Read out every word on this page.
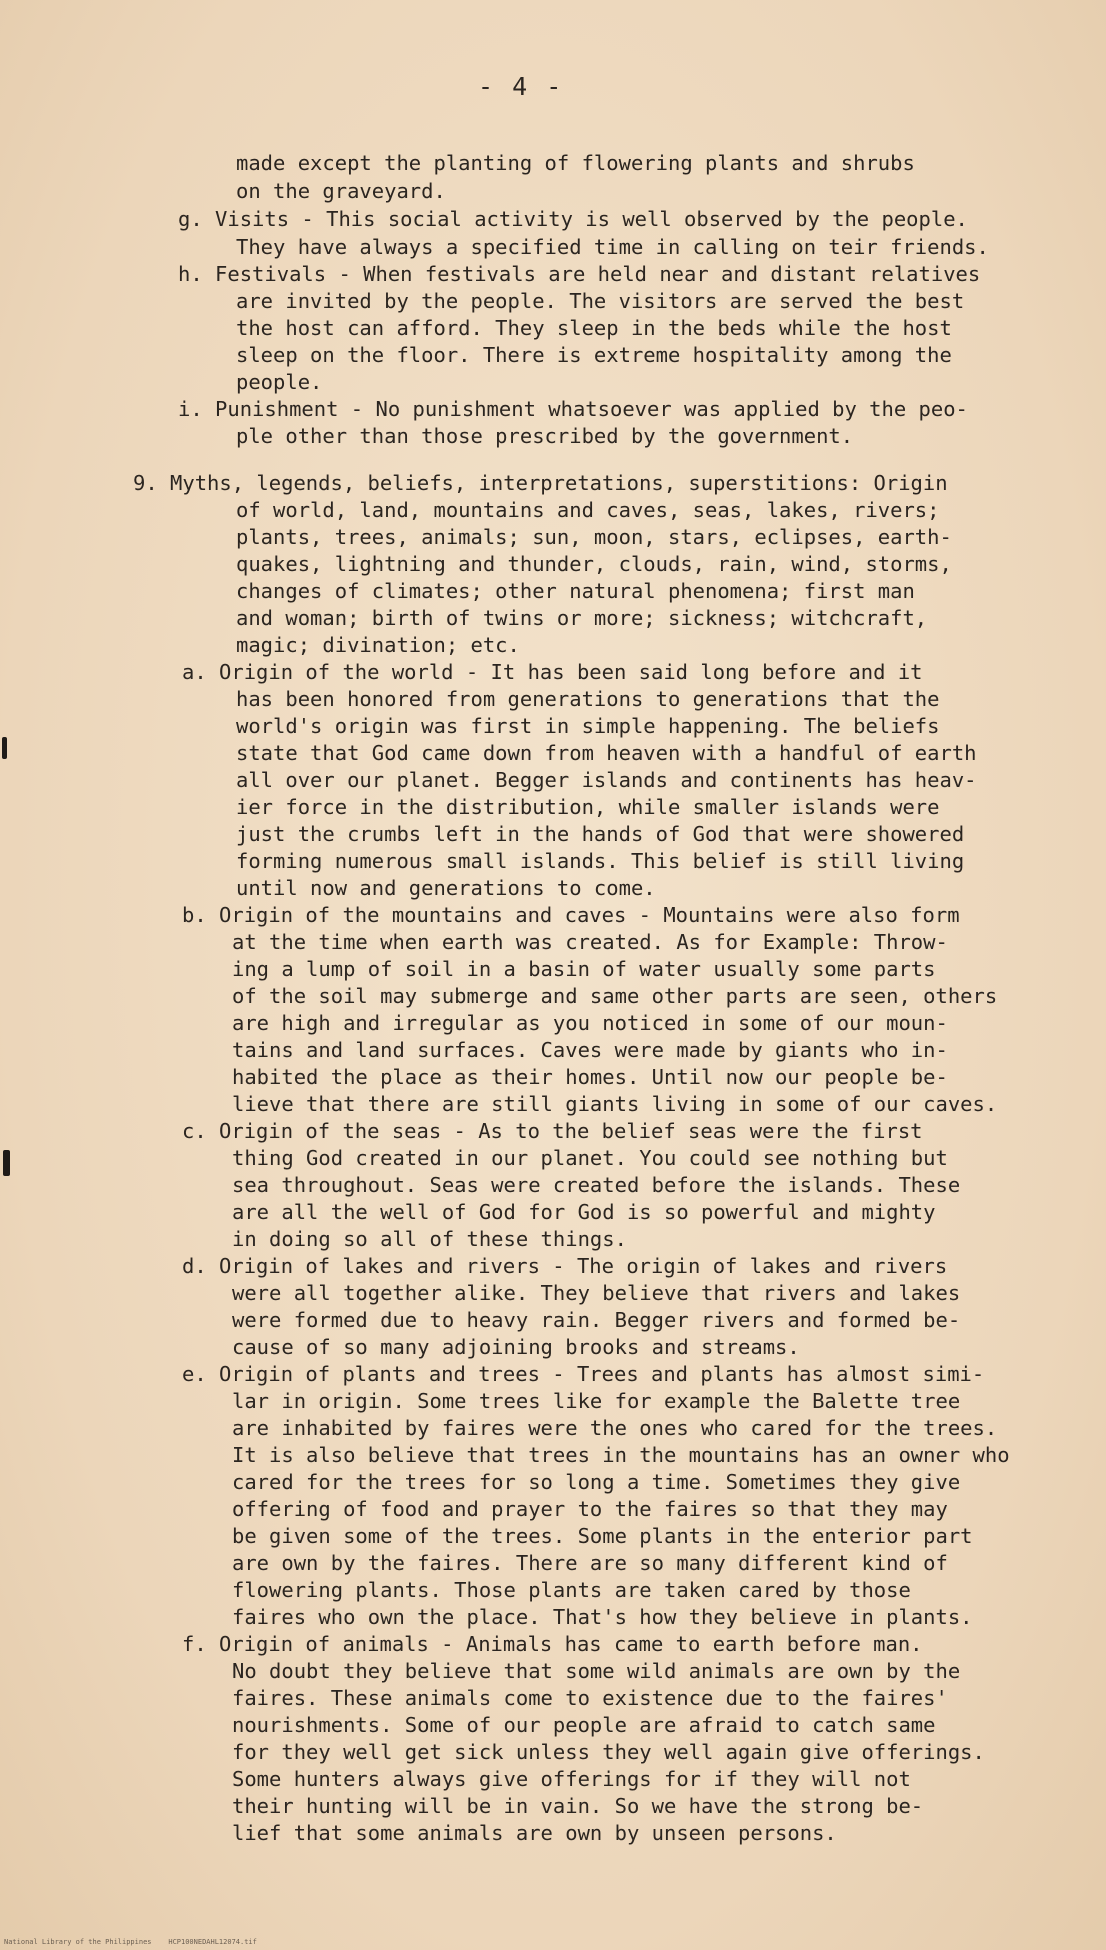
- 4 -

made except the planting of flowering plants and shrubs

on the graveyard.

g. Visits - This social activity is well observed by the people.

They have always a specified time in calling on teir friends.

h. Festivals - When festivals are held near and distant relatives

are invited by the people. The visitors are served the best

the host can afford. They sleep in the beds while the host

sleep on the floor. There is extreme hospitality among the

people.

i. Punishment - No punishment whatsoever was applied by the peo-

ple other than those prescribed by the government.

9. Myths, legends, beliefs, interpretations, superstitions: Origin

of world, land, mountains and caves, seas, lakes, rivers;

plants, trees, animals; sun, moon, stars, eclipses, earth-

quakes, lightning and thunder, clouds, rain, wind, storms,

changes of climates; other natural phenomena; first man

and woman; birth of twins or more; sickness; witchcraft,

magic; divination; etc.

a. Origin of the world - It has been said long before and it

has been honored from generations to generations that the

world's origin was first in simple happening. The beliefs

state that God came down from heaven with a handful of earth

all over our planet. Begger islands and continents has heav-

ier force in the distribution, while smaller islands were

just the crumbs left in the hands of God that were showered

forming numerous small islands. This belief is still living

until now and generations to come.

b. Origin of the mountains and caves - Mountains were also form

at the time when earth was created. As for Example: Throw-

ing a lump of soil in a basin of water usually some parts

of the soil may submerge and same other parts are seen, others

are high and irregular as you noticed in some of our moun-

tains and land surfaces. Caves were made by giants who in-

habited the place as their homes. Until now our people be-

lieve that there are still giants living in some of our caves.

c. Origin of the seas - As to the belief seas were the first

thing God created in our planet. You could see nothing but

sea throughout. Seas were created before the islands. These

are all the well of God for God is so powerful and mighty

in doing so all of these things.

d. Origin of lakes and rivers - The origin of lakes and rivers

were all together alike. They believe that rivers and lakes

were formed due to heavy rain. Begger rivers and formed be-

cause of so many adjoining brooks and streams.

e. Origin of plants and trees - Trees and plants has almost simi-

lar in origin. Some trees like for example the Balette tree

are inhabited by faires were the ones who cared for the trees.

It is also believe that trees in the mountains has an owner who

cared for the trees for so long a time. Sometimes they give

offering of food and prayer to the faires so that they may

be given some of the trees. Some plants in the enterior part

are own by the faires. There are so many different kind of

flowering plants. Those plants are taken cared by those

faires who own the place. That's how they believe in plants.

f. Origin of animals - Animals has came to earth before man.

No doubt they believe that some wild animals are own by the

faires. These animals come to existence due to the faires'

nourishments. Some of our people are afraid to catch same

for they well get sick unless they well again give offerings.

Some hunters always give offerings for if they will not

their hunting will be in vain. So we have the strong be-

lief that some animals are own by unseen persons.

National Library of the Philippines    HCP100NEDAHL12074.tif
